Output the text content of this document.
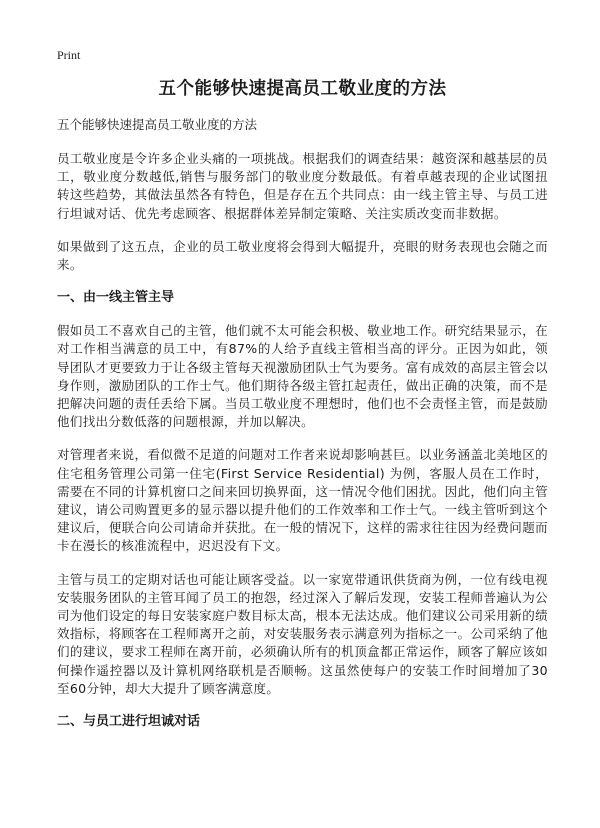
Print
五个能够快速提高员工敬业度的方法
五个能够快速提高员工敬业度的方法

员工敬业度是令许多企业头痛的一项挑战。根据我们的调查结果：越资深和越基层的员工，敬业度分数越低,销售与服务部门的敬业度分数最低。有着卓越表现的企业试图扭转这些趋势，其做法虽然各有特色，但是存在五个共同点：由一线主管主导、与员工进行坦诚对话、优先考虑顾客、根据群体差异制定策略、关注实质改变而非数据。

如果做到了这五点，企业的员工敬业度将会得到大幅提升，亮眼的财务表现也会随之而来。

一、由一线主管主导

假如员工不喜欢自己的主管，他们就不太可能会积极、敬业地工作。研究结果显示，在对工作相当满意的员工中，有87%的人给予直线主管相当高的评分。正因为如此，领导团队才更要致力于让各级主管每天视激励团队士气为要务。富有成效的高层主管会以身作则，激励团队的工作士气。他们期待各级主管扛起责任，做出正确的决策，而不是把解决问题的责任丢给下属。当员工敬业度不理想时，他们也不会责怪主管，而是鼓励他们找出分数低落的问题根源，并加以解决。

对管理者来说，看似微不足道的问题对工作者来说却影响甚巨。以业务涵盖北美地区的住宅租务管理公司第一住宅(First Service Residential) 为例，客服人员在工作时，需要在不同的计算机窗口之间来回切换界面，这一情况令他们困扰。因此，他们向主管建议，请公司购置更多的显示器以提升他们的工作效率和工作士气。一线主管听到这个建议后，便联合向公司请命并获批。在一般的情况下，这样的需求往往因为经费问题而卡在漫长的核准流程中，迟迟没有下文。

主管与员工的定期对话也可能让顾客受益。以一家宽带通讯供货商为例，一位有线电视安装服务团队的主管耳闻了员工的抱怨，经过深入了解后发现，安装工程师普遍认为公司为他们设定的每日安装家庭户数目标太高，根本无法达成。他们建议公司采用新的绩效指标，将顾客在工程师离开之前，对安装服务表示满意列为指标之一。公司采纳了他们的建议，要求工程师在离开前，必须确认所有的机顶盒都正常运作，顾客了解应该如何操作遥控器以及计算机网络联机是否顺畅。这虽然使每户的安装工作时间增加了30至60分钟，却大大提升了顾客满意度。

二、与员工进行坦诚对话
